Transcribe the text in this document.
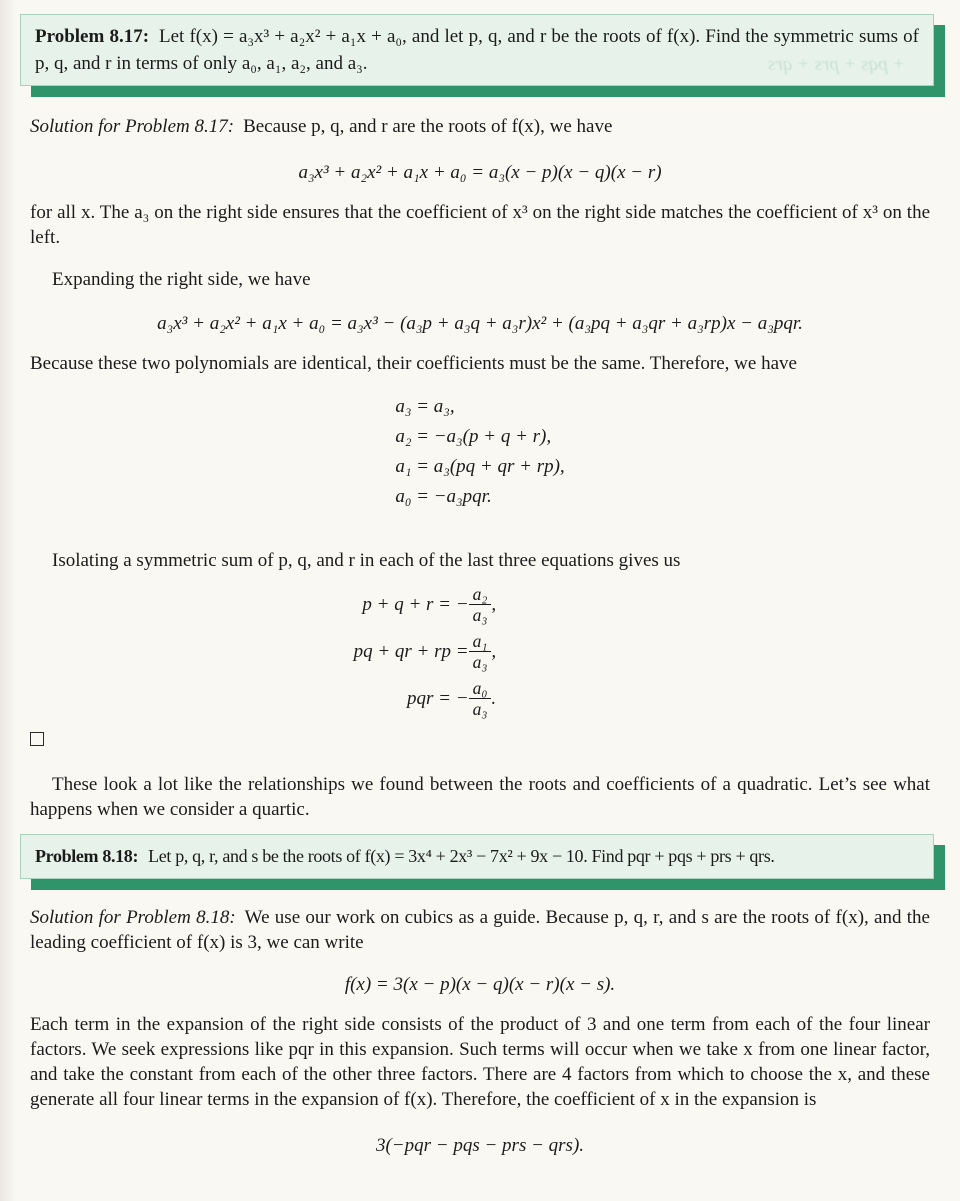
Problem 8.17: Let f(x) = a₃x³ + a₂x² + a₁x + a₀, and let p, q, and r be the roots of f(x). Find the symmetric sums of p, q, and r in terms of only a₀, a₁, a₂, and a₃.	+ pqs + prs + qrs

Solution for Problem 8.17: Because p, q, and r are the roots of f(x), we have

a₃x³ + a₂x² + a₁x + a₀ = a₃(x − p)(x − q)(x − r)

for all x. The a₃ on the right side ensures that the coefficient of x³ on the right side matches the coefficient of x³ on the left.

Expanding the right side, we have

a₃x³ + a₂x² + a₁x + a₀ = a₃x³ − (a₃p + a₃q + a₃r)x² + (a₃pq + a₃qr + a₃rp)x − a₃pqr.

Because these two polynomials are identical, their coefficients must be the same. Therefore, we have

a₃ = a₃,
a₂ = −a₃(p + q + r),
a₁ = a₃(pq + qr + rp),
a₀ = −a₃pqr.

Isolating a symmetric sum of p, q, and r in each of the last three equations gives us

p + q + r = − $\frac{\text{a₂}}{\text{a₃}}$ ,
pq + qr + rp = $\frac{\text{a₁}}{\text{a₃}}$ ,
pqr = − $\frac{\text{a₀}}{\text{a₃}}$ .

These look a lot like the relationships we found between the roots and coefficients of a quadratic. Let’s see what happens when we consider a quartic.

Problem 8.18: Let p, q, r, and s be the roots of f(x) = 3x⁴ + 2x³ − 7x² + 9x − 10. Find pqr + pqs + prs + qrs.

Solution for Problem 8.18: We use our work on cubics as a guide. Because p, q, r, and s are the roots of f(x), and the leading coefficient of f(x) is 3, we can write

f(x) = 3(x − p)(x − q)(x − r)(x − s).

Each term in the expansion of the right side consists of the product of 3 and one term from each of the four linear factors. We seek expressions like pqr in this expansion. Such terms will occur when we take x from one linear factor, and take the constant from each of the other three factors. There are 4 factors from which to choose the x, and these generate all four linear terms in the expansion of f(x). Therefore, the coefficient of x in the expansion is

3(−pqr − pqs − prs − qrs).
